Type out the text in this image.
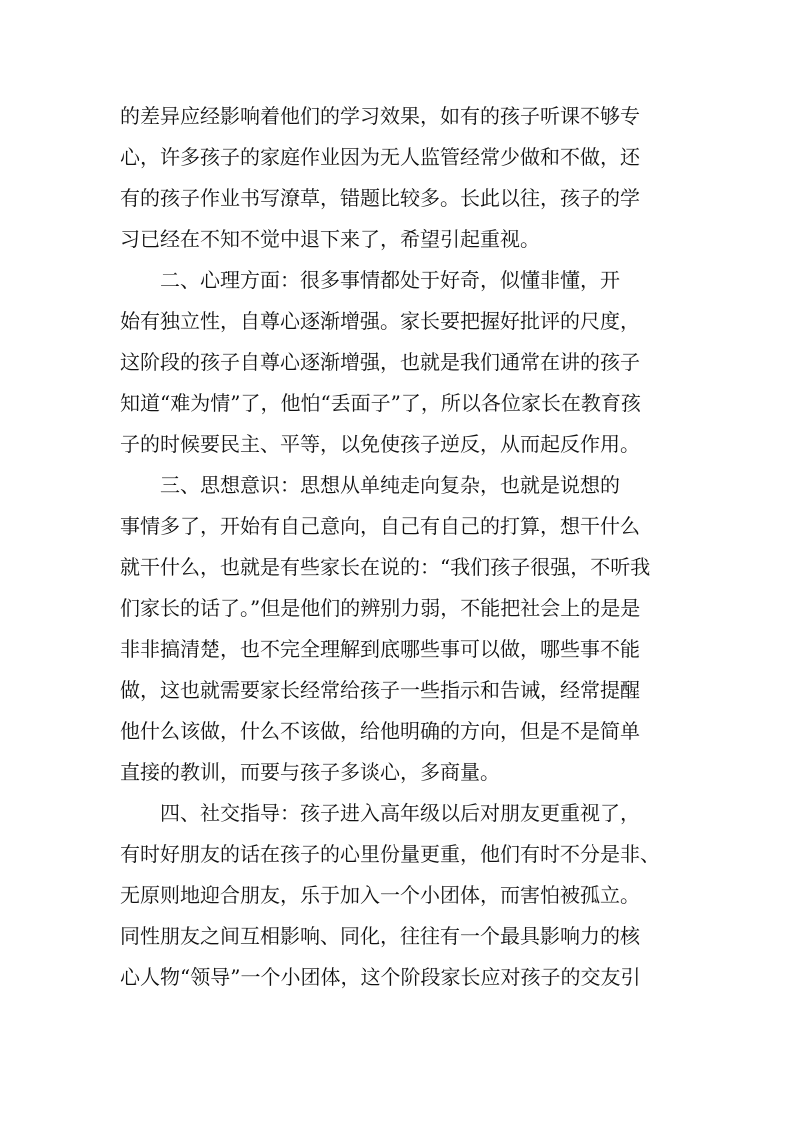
的差异应经影响着他们的学习效果，如有的孩子听课不够专
心，许多孩子的家庭作业因为无人监管经常少做和不做，还
有的孩子作业书写潦草，错题比较多。长此以往，孩子的学
习已经在不知不觉中退下来了，希望引起重视。
二、心理方面：很多事情都处于好奇，似懂非懂，开
始有独立性，自尊心逐渐增强。家长要把握好批评的尺度，
这阶段的孩子自尊心逐渐增强，也就是我们通常在讲的孩子
知道“难为情”了，他怕“丢面子”了，所以各位家长在教育孩
子的时候要民主、平等，以免使孩子逆反，从而起反作用。
三、思想意识：思想从单纯走向复杂，也就是说想的
事情多了，开始有自己意向，自己有自己的打算，想干什么
就干什么，也就是有些家长在说的：“我们孩子很强，不听我
们家长的话了。”但是他们的辨别力弱，不能把社会上的是是
非非搞清楚，也不完全理解到底哪些事可以做，哪些事不能
做，这也就需要家长经常给孩子一些指示和告诫，经常提醒
他什么该做，什么不该做，给他明确的方向，但是不是简单
直接的教训，而要与孩子多谈心，多商量。
四、社交指导：孩子进入高年级以后对朋友更重视了，
有时好朋友的话在孩子的心里份量更重，他们有时不分是非、
无原则地迎合朋友，乐于加入一个小团体，而害怕被孤立。
同性朋友之间互相影响、同化，往往有一个最具影响力的核
心人物“领导”一个小团体，这个阶段家长应对孩子的交友引
